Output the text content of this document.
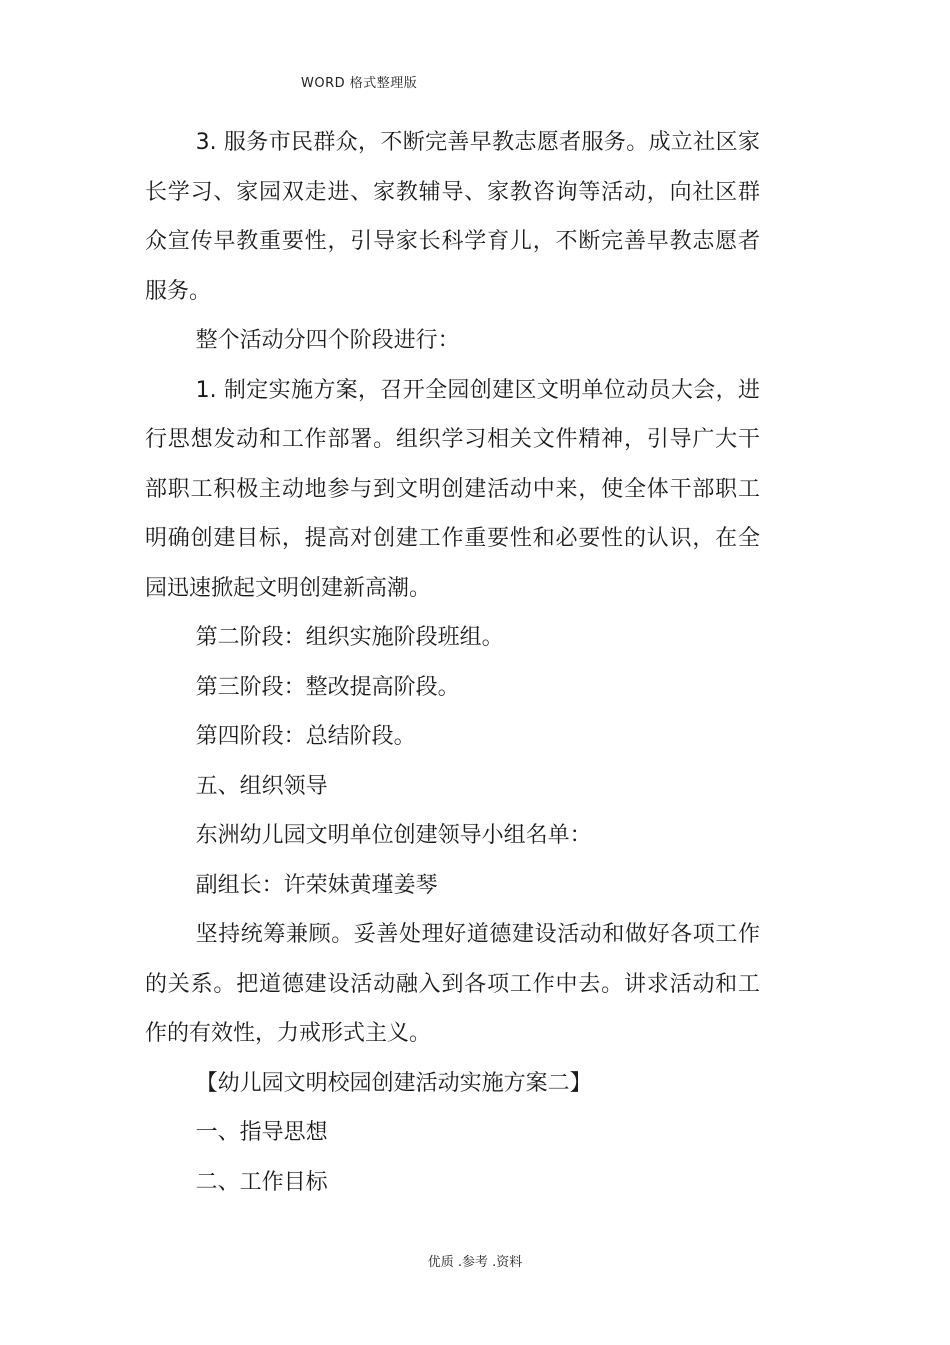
WORD 格式整理版

3. 服务市民群众，不断完善早教志愿者服务。成立社区家长学习、家园双走进、家教辅导、家教咨询等活动，向社区群众宣传早教重要性，引导家长科学育儿，不断完善早教志愿者服务。

整个活动分四个阶段进行：

1. 制定实施方案，召开全园创建区文明单位动员大会，进行思想发动和工作部署。组织学习相关文件精神，引导广大干部职工积极主动地参与到文明创建活动中来，使全体干部职工明确创建目标，提高对创建工作重要性和必要性的认识，在全园迅速掀起文明创建新高潮。

第二阶段：组织实施阶段班组。

第三阶段：整改提高阶段。

第四阶段：总结阶段。

五、组织领导

东洲幼儿园文明单位创建领导小组名单：

副组长：许荣妹黄瑾姜琴

坚持统筹兼顾。妥善处理好道德建设活动和做好各项工作的关系。把道德建设活动融入到各项工作中去。讲求活动和工作的有效性，力戒形式主义。

【幼儿园文明校园创建活动实施方案二】

一、指导思想

二、工作目标

优质 .参考 .资料
